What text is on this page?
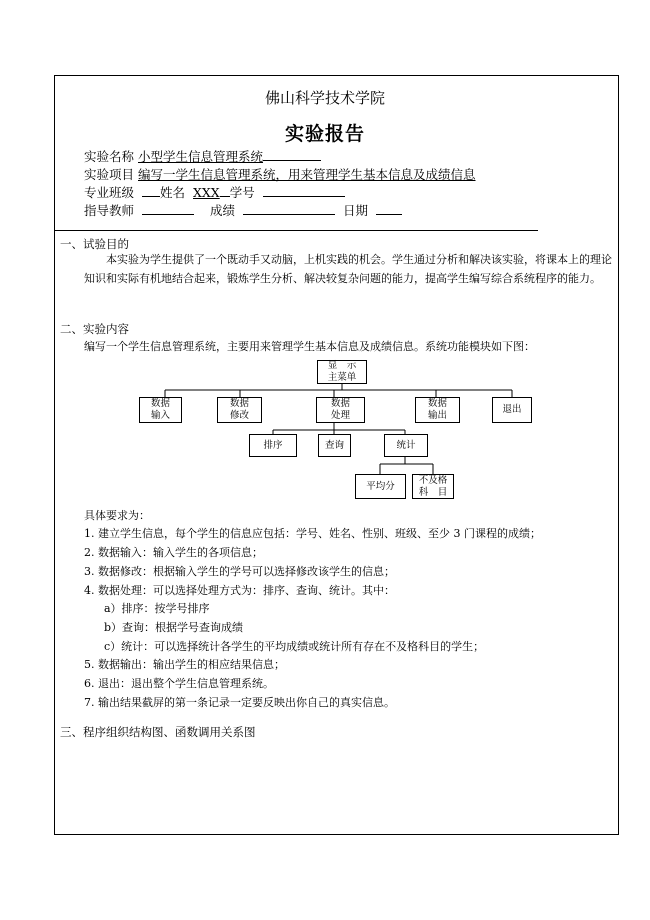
佛山科学技术学院
实验报告
实验名称 小型学生信息管理系统
实验项目 编写一学生信息管理系统，用来管理学生基本信息及成绩信息
专业班级 姓名 XXX 学号
指导教师	成绩	日期
一、试验目的
本实验为学生提供了一个既动手又动脑，上机实践的机会。学生通过分析和解决该实验，将课本上的理论知识和实际有机地结合起来，锻炼学生分析、解决较复杂问题的能力，提高学生编写综合系统程序的能力。
二、实验内容
编写一个学生信息管理系统，主要用来管理学生基本信息及成绩信息。系统功能模块如下图：
显　示
主菜单
数据
输入
数据
修改
数据
处理
数据
输出
退出
排序	查询	统计
平均分
不及格
科　目
具体要求为：
1. 建立学生信息，每个学生的信息应包括：学号、姓名、性别、班级、至少 3 门课程的成绩；
2. 数据输入：输入学生的各项信息；
3. 数据修改：根据输入学生的学号可以选择修改该学生的信息；
4. 数据处理：可以选择处理方式为：排序、查询、统计。其中：
a）排序：按学号排序
b）查询：根据学号查询成绩
c）统计：可以选择统计各学生的平均成绩或统计所有存在不及格科目的学生；
5. 数据输出：输出学生的相应结果信息；
6. 退出：退出整个学生信息管理系统。
7. 输出结果截屏的第一条记录一定要反映出你自己的真实信息。
三、程序组织结构图、函数调用关系图
